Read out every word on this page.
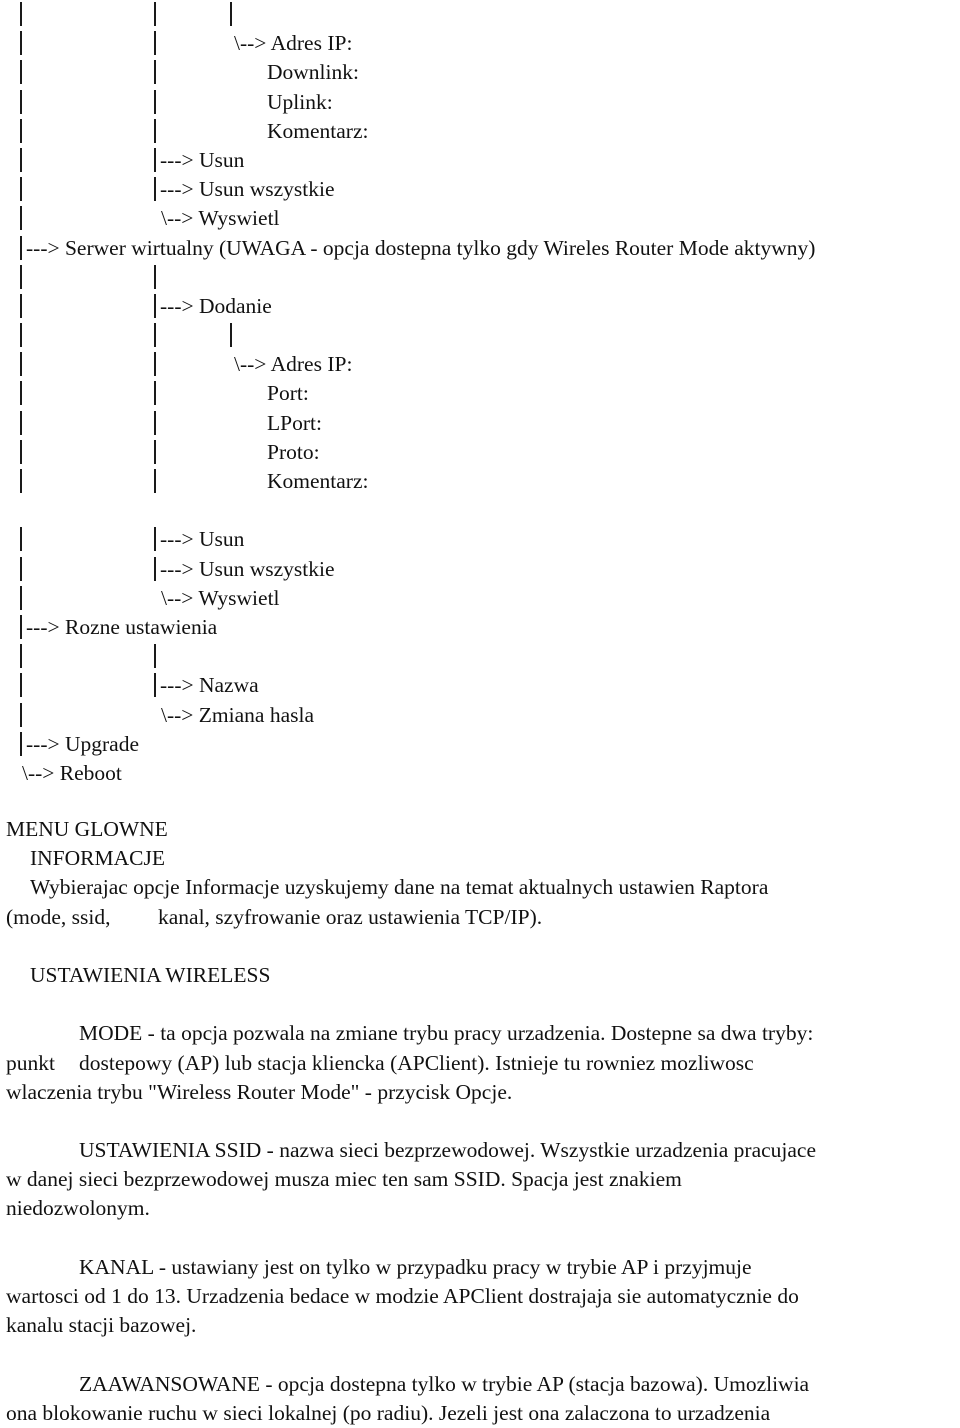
\--> Adres IP:
Downlink:
Uplink:
Komentarz:
---> Usun
---> Usun wszystkie
\--> Wyswietl
---> Serwer wirtualny (UWAGA - opcja dostepna tylko gdy Wireles Router Mode aktywny)
---> Dodanie
\--> Adres IP:
Port:
LPort:
Proto:
Komentarz:
---> Usun
---> Usun wszystkie
\--> Wyswietl
---> Rozne ustawienia
---> Nazwa
\--> Zmiana hasla
---> Upgrade
\--> Reboot
MENU GLOWNE
INFORMACJE
Wybierajac opcje Informacje uzyskujemy dane na temat aktualnych ustawien Raptora
(mode, ssid, kanal, szyfrowanie oraz ustawienia TCP/IP).
USTAWIENIA WIRELESS
MODE - ta opcja pozwala na zmiane trybu pracy urzadzenia. Dostepne sa dwa tryby:
punkt dostepowy (AP) lub stacja kliencka (APClient). Istnieje tu rowniez mozliwosc
wlaczenia trybu "Wireless Router Mode" - przycisk Opcje.
USTAWIENIA SSID - nazwa sieci bezprzewodowej. Wszystkie urzadzenia pracujace
w danej sieci bezprzewodowej musza miec ten sam SSID. Spacja jest znakiem
niedozwolonym.
KANAL - ustawiany jest on tylko w przypadku pracy w trybie AP i przyjmuje
wartosci od 1 do 13. Urzadzenia bedace w modzie APClient dostrajaja sie automatycznie do
kanalu stacji bazowej.
ZAAWANSOWANE - opcja dostepna tylko w trybie AP (stacja bazowa). Umozliwia
ona blokowanie ruchu w sieci lokalnej (po radiu). Jezeli jest ona zalaczona to urzadzenia
